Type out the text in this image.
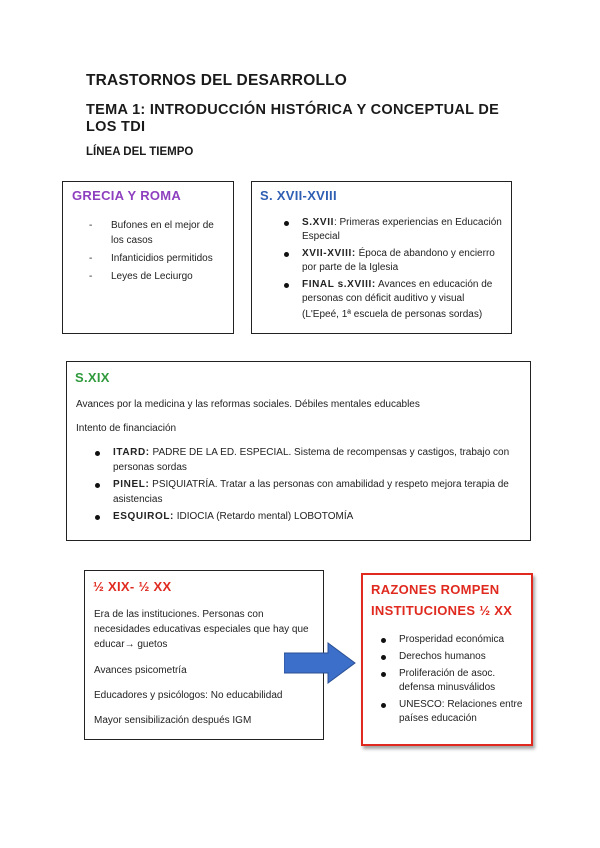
TRASTORNOS DEL DESARROLLO
TEMA 1: INTRODUCCIÓN HISTÓRICA Y CONCEPTUAL DE LOS TDI
LÍNEA DEL TIEMPO
GRECIA Y ROMA
- Bufones en el mejor de los casos
- Infanticidios permitidos
- Leyes de Leciurgo
S. XVII-XVIII
S.XVII: Primeras experiencias en Educación Especial
XVII-XVIII: Época de abandono y encierro por parte de la Iglesia
FINAL s.XVIII: Avances en educación de personas con déficit auditivo y visual
(L'Epeé, 1ª escuela de personas sordas)
S.XIX
Avances por la medicina y las reformas sociales. Débiles mentales educables
Intento de financiación
ITARD: PADRE DE LA ED. ESPECIAL. Sistema de recompensas y castigos, trabajo con personas sordas
PINEL: PSIQUIATRÍA. Tratar a las personas con amabilidad y respeto mejora terapia de asistencias
ESQUIROL: IDIOCIA (Retardo mental) LOBOTOMÍA
½ XIX- ½ XX
Era de las instituciones. Personas con necesidades educativas especiales que hay que educar→ guetos
Avances psicometría
Educadores y psicólogos: No educabilidad
Mayor sensibilización después IGM
RAZONES ROMPEN
INSTITUCIONES ½ XX
Prosperidad económica
Derechos humanos
Proliferación de asoc. defensa minusválidos
UNESCO: Relaciones entre países educación
